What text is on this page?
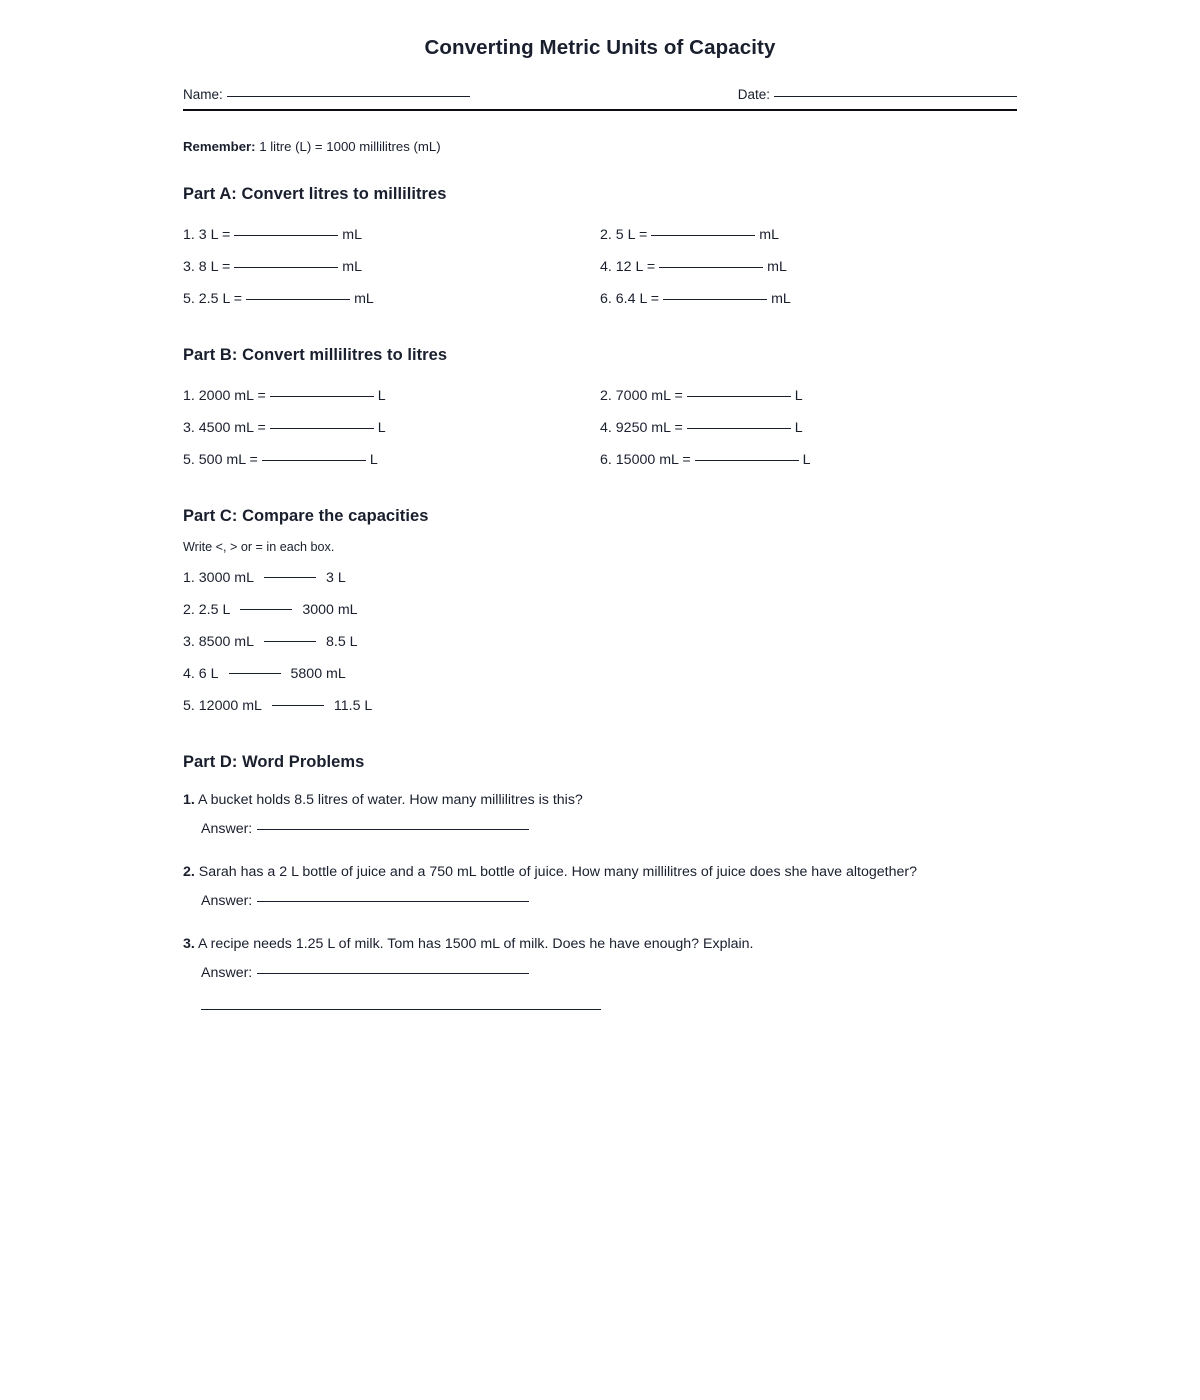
Converting Metric Units of Capacity
Name:	Date:
Remember: 1 litre (L) = 1000 millilitres (mL)
Part A: Convert litres to millilitres
1. 3 L =	mL	2. 5 L =	mL
3. 8 L =	mL	4. 12 L =	mL
5. 2.5 L =	mL	6. 6.4 L =	mL
Part B: Convert millilitres to litres
1. 2000 mL =	L	2. 7000 mL =	L
3. 4500 mL =	L	4. 9250 mL =	L
5. 500 mL =	L	6. 15000 mL =	L
Part C: Compare the capacities
Write <, > or = in each box.
1. 3000 mL	3 L
2. 2.5 L	3000 mL
3. 8500 mL	8.5 L
4. 6 L	5800 mL
5. 12000 mL	11.5 L
Part D: Word Problems
1. A bucket holds 8.5 litres of water. How many millilitres is this?
Answer:
2. Sarah has a 2 L bottle of juice and a 750 mL bottle of juice. How many millilitres of juice does she have altogether?
Answer:
3. A recipe needs 1.25 L of milk. Tom has 1500 mL of milk. Does he have enough? Explain.
Answer:
